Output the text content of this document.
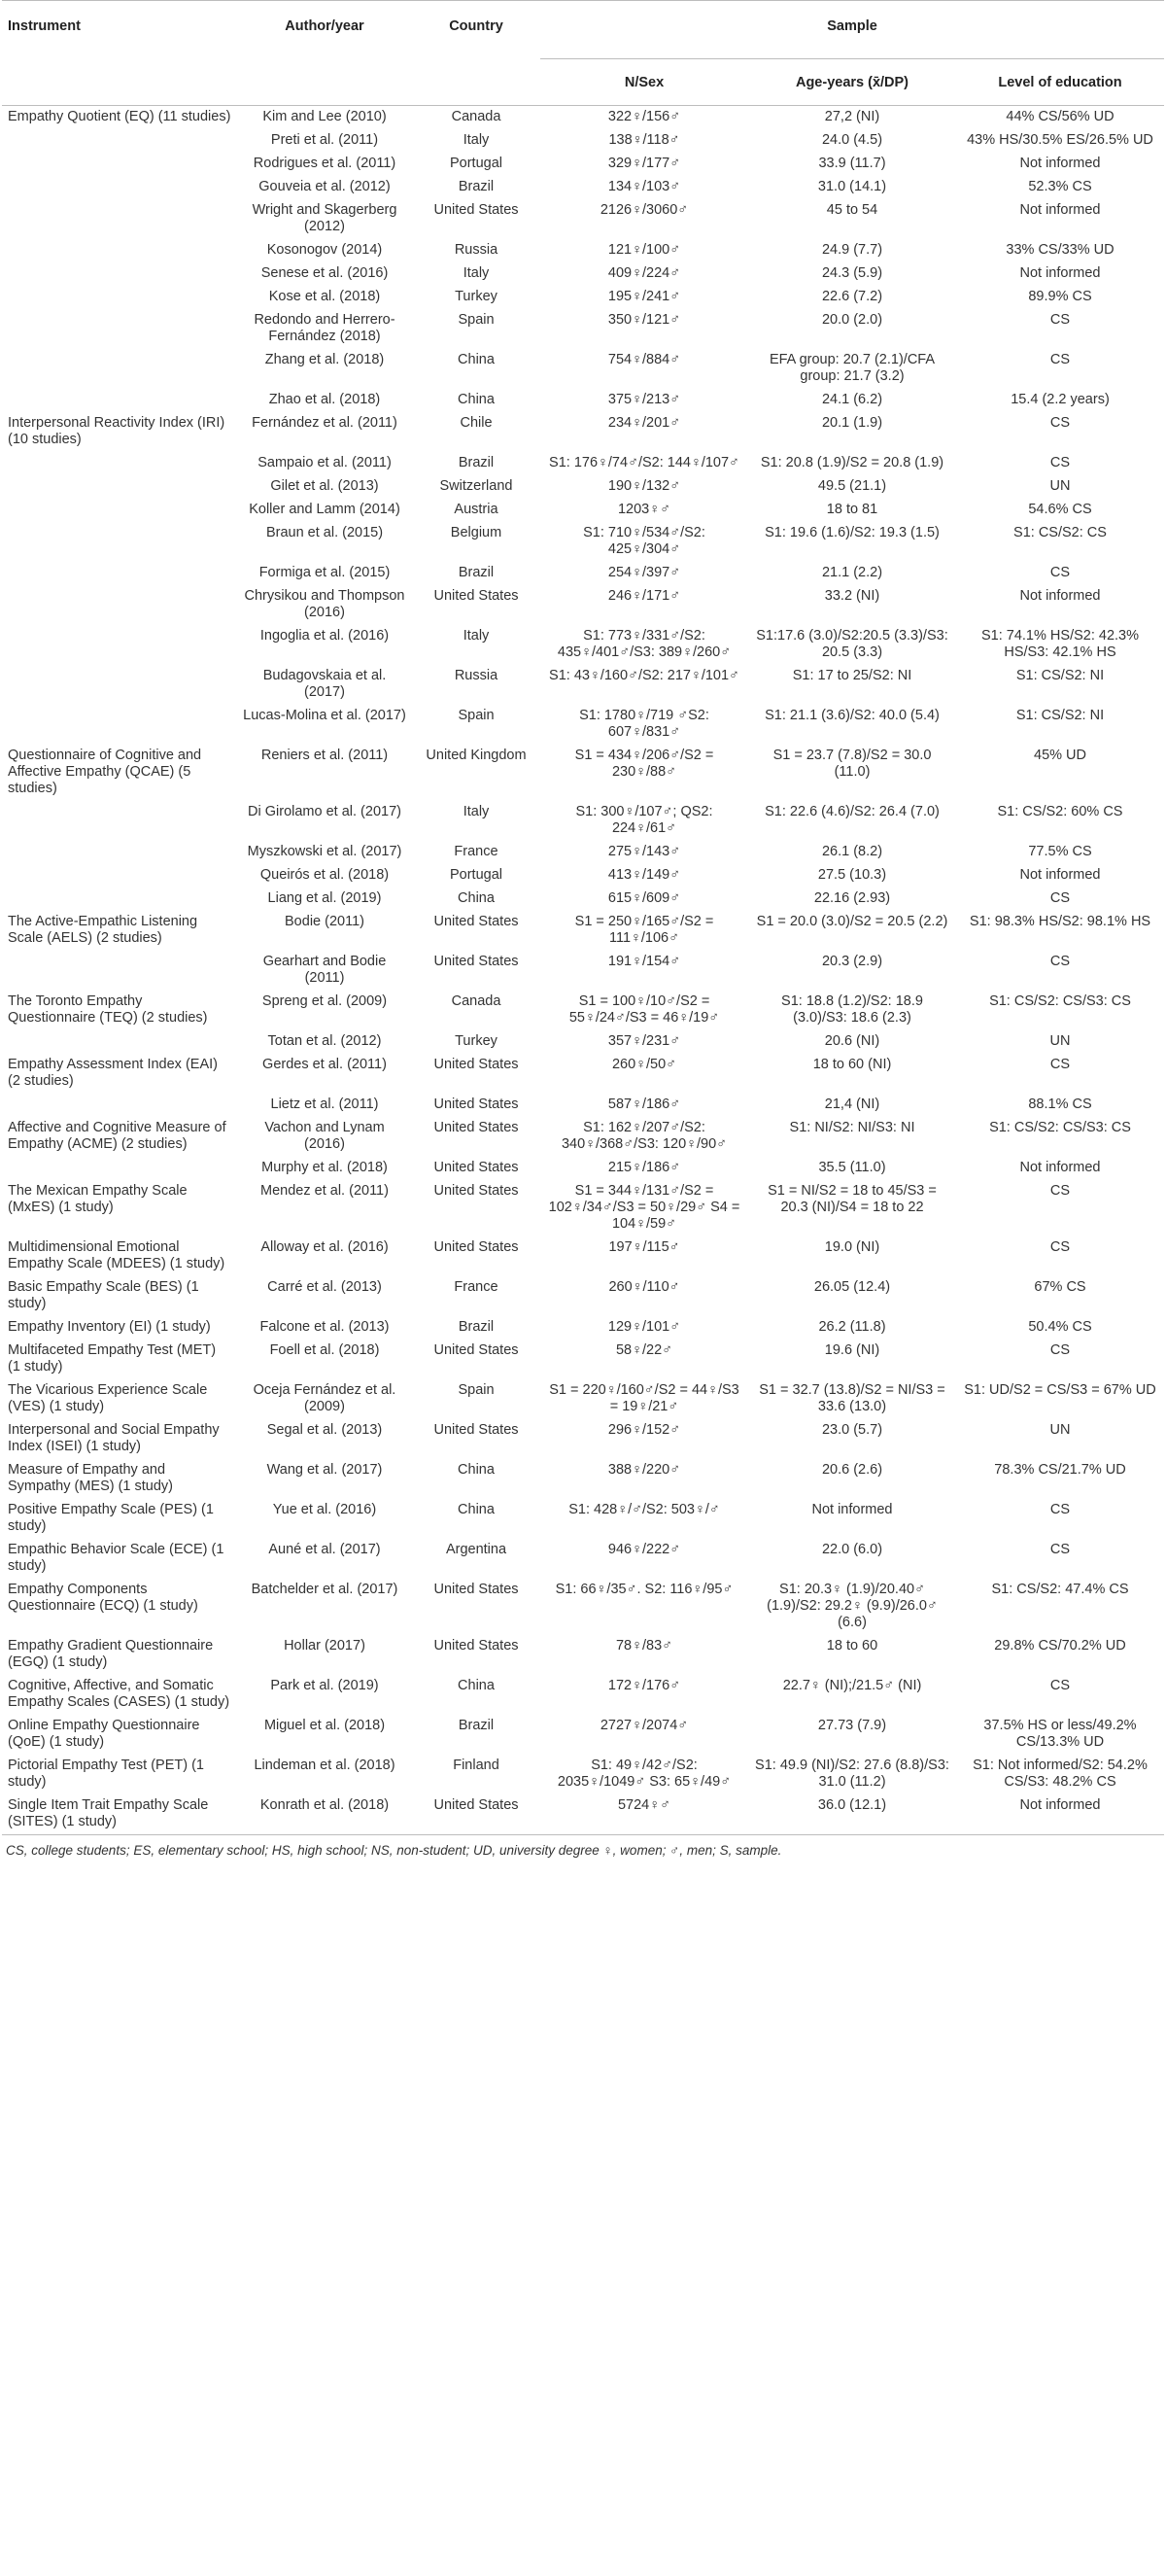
Instrument	Author/year	Country	Sample		
			N/Sex	Age-years (x̄/DP)	Level of education
Empathy Quotient (EQ) (11 studies)	Kim and Lee (2010)	Canada	322♀/156♂	27,2 (NI)	44% CS/56% UD
	Preti et al. (2011)	Italy	138♀/118♂	24.0 (4.5)	43% HS/30.5% ES/26.5% UD
	Rodrigues et al. (2011)	Portugal	329♀/177♂	33.9 (11.7)	Not informed
	Gouveia et al. (2012)	Brazil	134♀/103♂	31.0 (14.1)	52.3% CS
	Wright and Skagerberg (2012)	United States	2126♀/3060♂	45 to 54	Not informed
	Kosonogov (2014)	Russia	121♀/100♂	24.9 (7.7)	33% CS/33% UD
	Senese et al. (2016)	Italy	409♀/224♂	24.3 (5.9)	Not informed
	Kose et al. (2018)	Turkey	195♀/241♂	22.6 (7.2)	89.9% CS
	Redondo and Herrero-Fernández (2018)	Spain	350♀/121♂	20.0 (2.0)	CS
	Zhang et al. (2018)	China	754♀/884♂	EFA group: 20.7 (2.1)/CFA group: 21.7 (3.2)	CS
	Zhao et al. (2018)	China	375♀/213♂	24.1 (6.2)	15.4 (2.2 years)
Interpersonal Reactivity Index (IRI) (10 studies)	Fernández et al. (2011)	Chile	234♀/201♂	20.1 (1.9)	CS
	Sampaio et al. (2011)	Brazil	S1: 176♀/74♂/S2: 144♀/107♂	S1: 20.8 (1.9)/S2 = 20.8 (1.9)	CS
	Gilet et al. (2013)	Switzerland	190♀/132♂	49.5 (21.1)	UN
	Koller and Lamm (2014)	Austria	1203♀♂	18 to 81	54.6% CS
	Braun et al. (2015)	Belgium	S1: 710♀/534♂/S2: 425♀/304♂	S1: 19.6 (1.6)/S2: 19.3 (1.5)	S1: CS/S2: CS
	Formiga et al. (2015)	Brazil	254♀/397♂	21.1 (2.2)	CS
	Chrysikou and Thompson (2016)	United States	246♀/171♂	33.2 (NI)	Not informed
	Ingoglia et al. (2016)	Italy	S1: 773♀/331♂/S2: 435♀/401♂/S3: 389♀/260♂	S1:17.6 (3.0)/S2:20.5 (3.3)/S3: 20.5 (3.3)	S1: 74.1% HS/S2: 42.3% HS/S3: 42.1% HS
	Budagovskaia et al. (2017)	Russia	S1: 43♀/160♂/S2: 217♀/101♂	S1: 17 to 25/S2: NI	S1: CS/S2: NI
	Lucas-Molina et al. (2017)	Spain	S1: 1780♀/719 ♂S2: 607♀/831♂	S1: 21.1 (3.6)/S2: 40.0 (5.4)	S1: CS/S2: NI
Questionnaire of Cognitive and Affective Empathy (QCAE) (5 studies)	Reniers et al. (2011)	United Kingdom	S1 = 434♀/206♂/S2 = 230♀/88♂	S1 = 23.7 (7.8)/S2 = 30.0 (11.0)	45% UD
	Di Girolamo et al. (2017)	Italy	S1: 300♀/107♂; QS2: 224♀/61♂	S1: 22.6 (4.6)/S2: 26.4 (7.0)	S1: CS/S2: 60% CS
	Myszkowski et al. (2017)	France	275♀/143♂	26.1 (8.2)	77.5% CS
	Queirós et al. (2018)	Portugal	413♀/149♂	27.5 (10.3)	Not informed
	Liang et al. (2019)	China	615♀/609♂	22.16 (2.93)	CS
The Active-Empathic Listening Scale (AELS) (2 studies)	Bodie (2011)	United States	S1 = 250♀/165♂/S2 = 111♀/106♂	S1 = 20.0 (3.0)/S2 = 20.5 (2.2)	S1: 98.3% HS/S2: 98.1% HS
	Gearhart and Bodie (2011)	United States	191♀/154♂	20.3 (2.9)	CS
The Toronto Empathy Questionnaire (TEQ) (2 studies)	Spreng et al. (2009)	Canada	S1 = 100♀/10♂/S2 = 55♀/24♂/S3 = 46♀/19♂	S1: 18.8 (1.2)/S2: 18.9 (3.0)/S3: 18.6 (2.3)	S1: CS/S2: CS/S3: CS
	Totan et al. (2012)	Turkey	357♀/231♂	20.6 (NI)	UN
Empathy Assessment Index (EAI) (2 studies)	Gerdes et al. (2011)	United States	260♀/50♂	18 to 60 (NI)	CS
	Lietz et al. (2011)	United States	587♀/186♂	21,4 (NI)	88.1% CS
Affective and Cognitive Measure of Empathy (ACME) (2 studies)	Vachon and Lynam (2016)	United States	S1: 162♀/207♂/S2: 340♀/368♂/S3: 120♀/90♂	S1: NI/S2: NI/S3: NI	S1: CS/S2: CS/S3: CS
	Murphy et al. (2018)	United States	215♀/186♂	35.5 (11.0)	Not informed
The Mexican Empathy Scale (MxES) (1 study)	Mendez et al. (2011)	United States	S1 = 344♀/131♂/S2 = 102♀/34♂/S3 = 50♀/29♂ S4 = 104♀/59♂	S1 = NI/S2 = 18 to 45/S3 = 20.3 (NI)/S4 = 18 to 22	CS
Multidimensional Emotional Empathy Scale (MDEES) (1 study)	Alloway et al. (2016)	United States	197♀/115♂	19.0 (NI)	CS
Basic Empathy Scale (BES) (1 study)	Carré et al. (2013)	France	260♀/110♂	26.05 (12.4)	67% CS
Empathy Inventory (EI) (1 study)	Falcone et al. (2013)	Brazil	129♀/101♂	26.2 (11.8)	50.4% CS
Multifaceted Empathy Test (MET) (1 study)	Foell et al. (2018)	United States	58♀/22♂	19.6 (NI)	CS
The Vicarious Experience Scale (VES) (1 study)	Oceja Fernández et al. (2009)	Spain	S1 = 220♀/160♂/S2 = 44♀/S3 = 19♀/21♂	S1 = 32.7 (13.8)/S2 = NI/S3 = 33.6 (13.0)	S1: UD/S2 = CS/S3 = 67% UD
Interpersonal and Social Empathy Index (ISEI) (1 study)	Segal et al. (2013)	United States	296♀/152♂	23.0 (5.7)	UN
Measure of Empathy and Sympathy (MES) (1 study)	Wang et al. (2017)	China	388♀/220♂	20.6 (2.6)	78.3% CS/21.7% UD
Positive Empathy Scale (PES) (1 study)	Yue et al. (2016)	China	S1: 428♀/♂/S2: 503♀/♂	Not informed	CS
Empathic Behavior Scale (ECE) (1 study)	Auné et al. (2017)	Argentina	946♀/222♂	22.0 (6.0)	CS
Empathy Components Questionnaire (ECQ) (1 study)	Batchelder et al. (2017)	United States	S1: 66♀/35♂. S2: 116♀/95♂	S1: 20.3♀ (1.9)/20.40♂ (1.9)/S2: 29.2♀ (9.9)/26.0♂ (6.6)	S1: CS/S2: 47.4% CS
Empathy Gradient Questionnaire (EGQ) (1 study)	Hollar (2017)	United States	78♀/83♂	18 to 60	29.8% CS/70.2% UD
Cognitive, Affective, and Somatic Empathy Scales (CASES) (1 study)	Park et al. (2019)	China	172♀/176♂	22.7♀ (NI);/21.5♂ (NI)	CS
Online Empathy Questionnaire (QoE) (1 study)	Miguel et al. (2018)	Brazil	2727♀/2074♂	27.73 (7.9)	37.5% HS or less/49.2% CS/13.3% UD
Pictorial Empathy Test (PET) (1 study)	Lindeman et al. (2018)	Finland	S1: 49♀/42♂/S2: 2035♀/1049♂ S3: 65♀/49♂	S1: 49.9 (NI)/S2: 27.6 (8.8)/S3: 31.0 (11.2)	S1: Not informed/S2: 54.2% CS/S3: 48.2% CS
Single Item Trait Empathy Scale (SITES) (1 study)	Konrath et al. (2018)	United States	5724♀♂	36.0 (12.1)	Not informed
CS, college students; ES, elementary school; HS, high school; NS, non-student; UD, university degree ♀, women; ♂, men; S, sample.
